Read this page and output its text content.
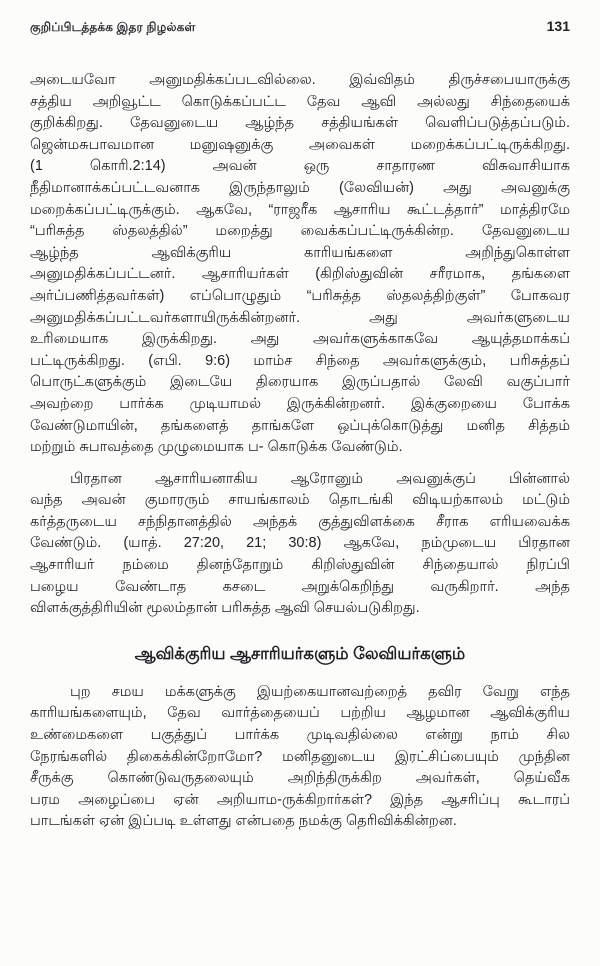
குறிப்பிடத்தக்க இதர நிழல்கள்	131
அடையவோ அனுமதிக்கப்படவில்லை. இவ்விதம் திருச்சபையாருக்கு
சத்திய அறிவூட்ட கொடுக்கப்பட்ட தேவ ஆவி அல்லது சிந்தையைக்
குறிக்கிறது. தேவனுடைய ஆழ்ந்த சத்தியங்கள் வெளிப்படுத்தப்படும்.
ஜென்மசுபாவமான மனுஷனுக்கு அவைகள் மறைக்கப்பட்டிருக்கிறது.
(1 கொரி.2:14) அவன் ஒரு சாதாரண விசுவாசியாக
நீதிமானாக்கப்பட்டவனாக இருந்தாலும் (லேவியன்) அது அவனுக்கு
மறைக்கப்பட்டிருக்கும். ஆகவே, “ராஜரீக ஆசாரிய கூட்டத்தார்” மாத்திரமே
“பரிசுத்த ஸ்தலத்தில்” மறைத்து வைக்கப்பட்டிருக்கின்ற. தேவனுடைய
ஆழ்ந்த ஆவிக்குரிய காரியங்களை அறிந்துகொள்ள
அனுமதிக்கப்பட்டனர். ஆசாரியர்கள் (கிறிஸ்துவின் சரீரமாக, தங்களை
அர்ப்பணித்தவர்கள்) எப்பொழுதும் “பரிசுத்த ஸ்தலத்திற்குள்” போகவர
அனுமதிக்கப்பட்டவர்களாயிருக்கின்றனர். அது அவர்களுடைய
உரிமையாக இருக்கிறது. அது அவர்களுக்காகவே ஆயுத்தமாக்கப்
பட்டிருக்கிறது. (எபி. 9:6) மாம்ச சிந்தை அவர்களுக்கும், பரிசுத்தப்
பொருட்களுக்கும் இடையே திரையாக இருப்பதால் லேவி வகுப்பார்
அவற்றை பார்க்க முடியாமல் இருக்கின்றனர். இக்குறையை போக்க
வேண்டுமாயின், தங்களைத் தாங்களே ஒப்புக்கொடுத்து மனித சித்தம்
மற்றும் சுபாவத்தை முழுமையாக ப- கொடுக்க வேண்டும்.
பிரதான ஆசாரியனாகிய ஆரோனும் அவனுக்குப் பின்னால்
வந்த அவன் குமாரரும் சாயங்காலம் தொடங்கி விடியற்காலம் மட்டும்
கர்த்தருடைய சந்நிதானத்தில் அந்தக் குத்துவிளக்கை சீராக எரியவைக்க
வேண்டும். (யாத். 27:20, 21; 30:8) ஆகவே, நம்முடைய பிரதான
ஆசாரியர் நம்மை தினந்தோறும் கிறிஸ்துவின் சிந்தையால் நிரப்பி
பழைய வேண்டாத கசடை அறுக்கெறிந்து வருகிறார். அந்த
விளக்குத்திரியின் மூலம்தான் பரிசுத்த ஆவி செயல்படுகிறது.
ஆவிக்குரிய ஆசாரியர்களும் லேவியர்களும்
புற சமய மக்களுக்கு இயற்கையானவற்றைத் தவிர வேறு எந்த
காரியங்களையும், தேவ வார்த்தையைப் பற்றிய ஆழமான ஆவிக்குரிய
உண்மைகளை பகுத்துப் பார்க்க முடிவதில்லை என்று நாம் சில
நேரங்களில் திகைக்கின்றோமோ? மனிதனுடைய இரட்சிப்பையும் முந்தின
சீருக்கு கொண்டுவருதலையும் அறிந்திருக்கிற அவர்கள், தெய்வீக
பரம அழைப்பை ஏன் அறியாம-ருக்கிறார்கள்? இந்த ஆசரிப்பு கூடாரப்
பாடங்கள் ஏன் இப்படி உள்ளது என்பதை நமக்கு தெரிவிக்கின்றன.
